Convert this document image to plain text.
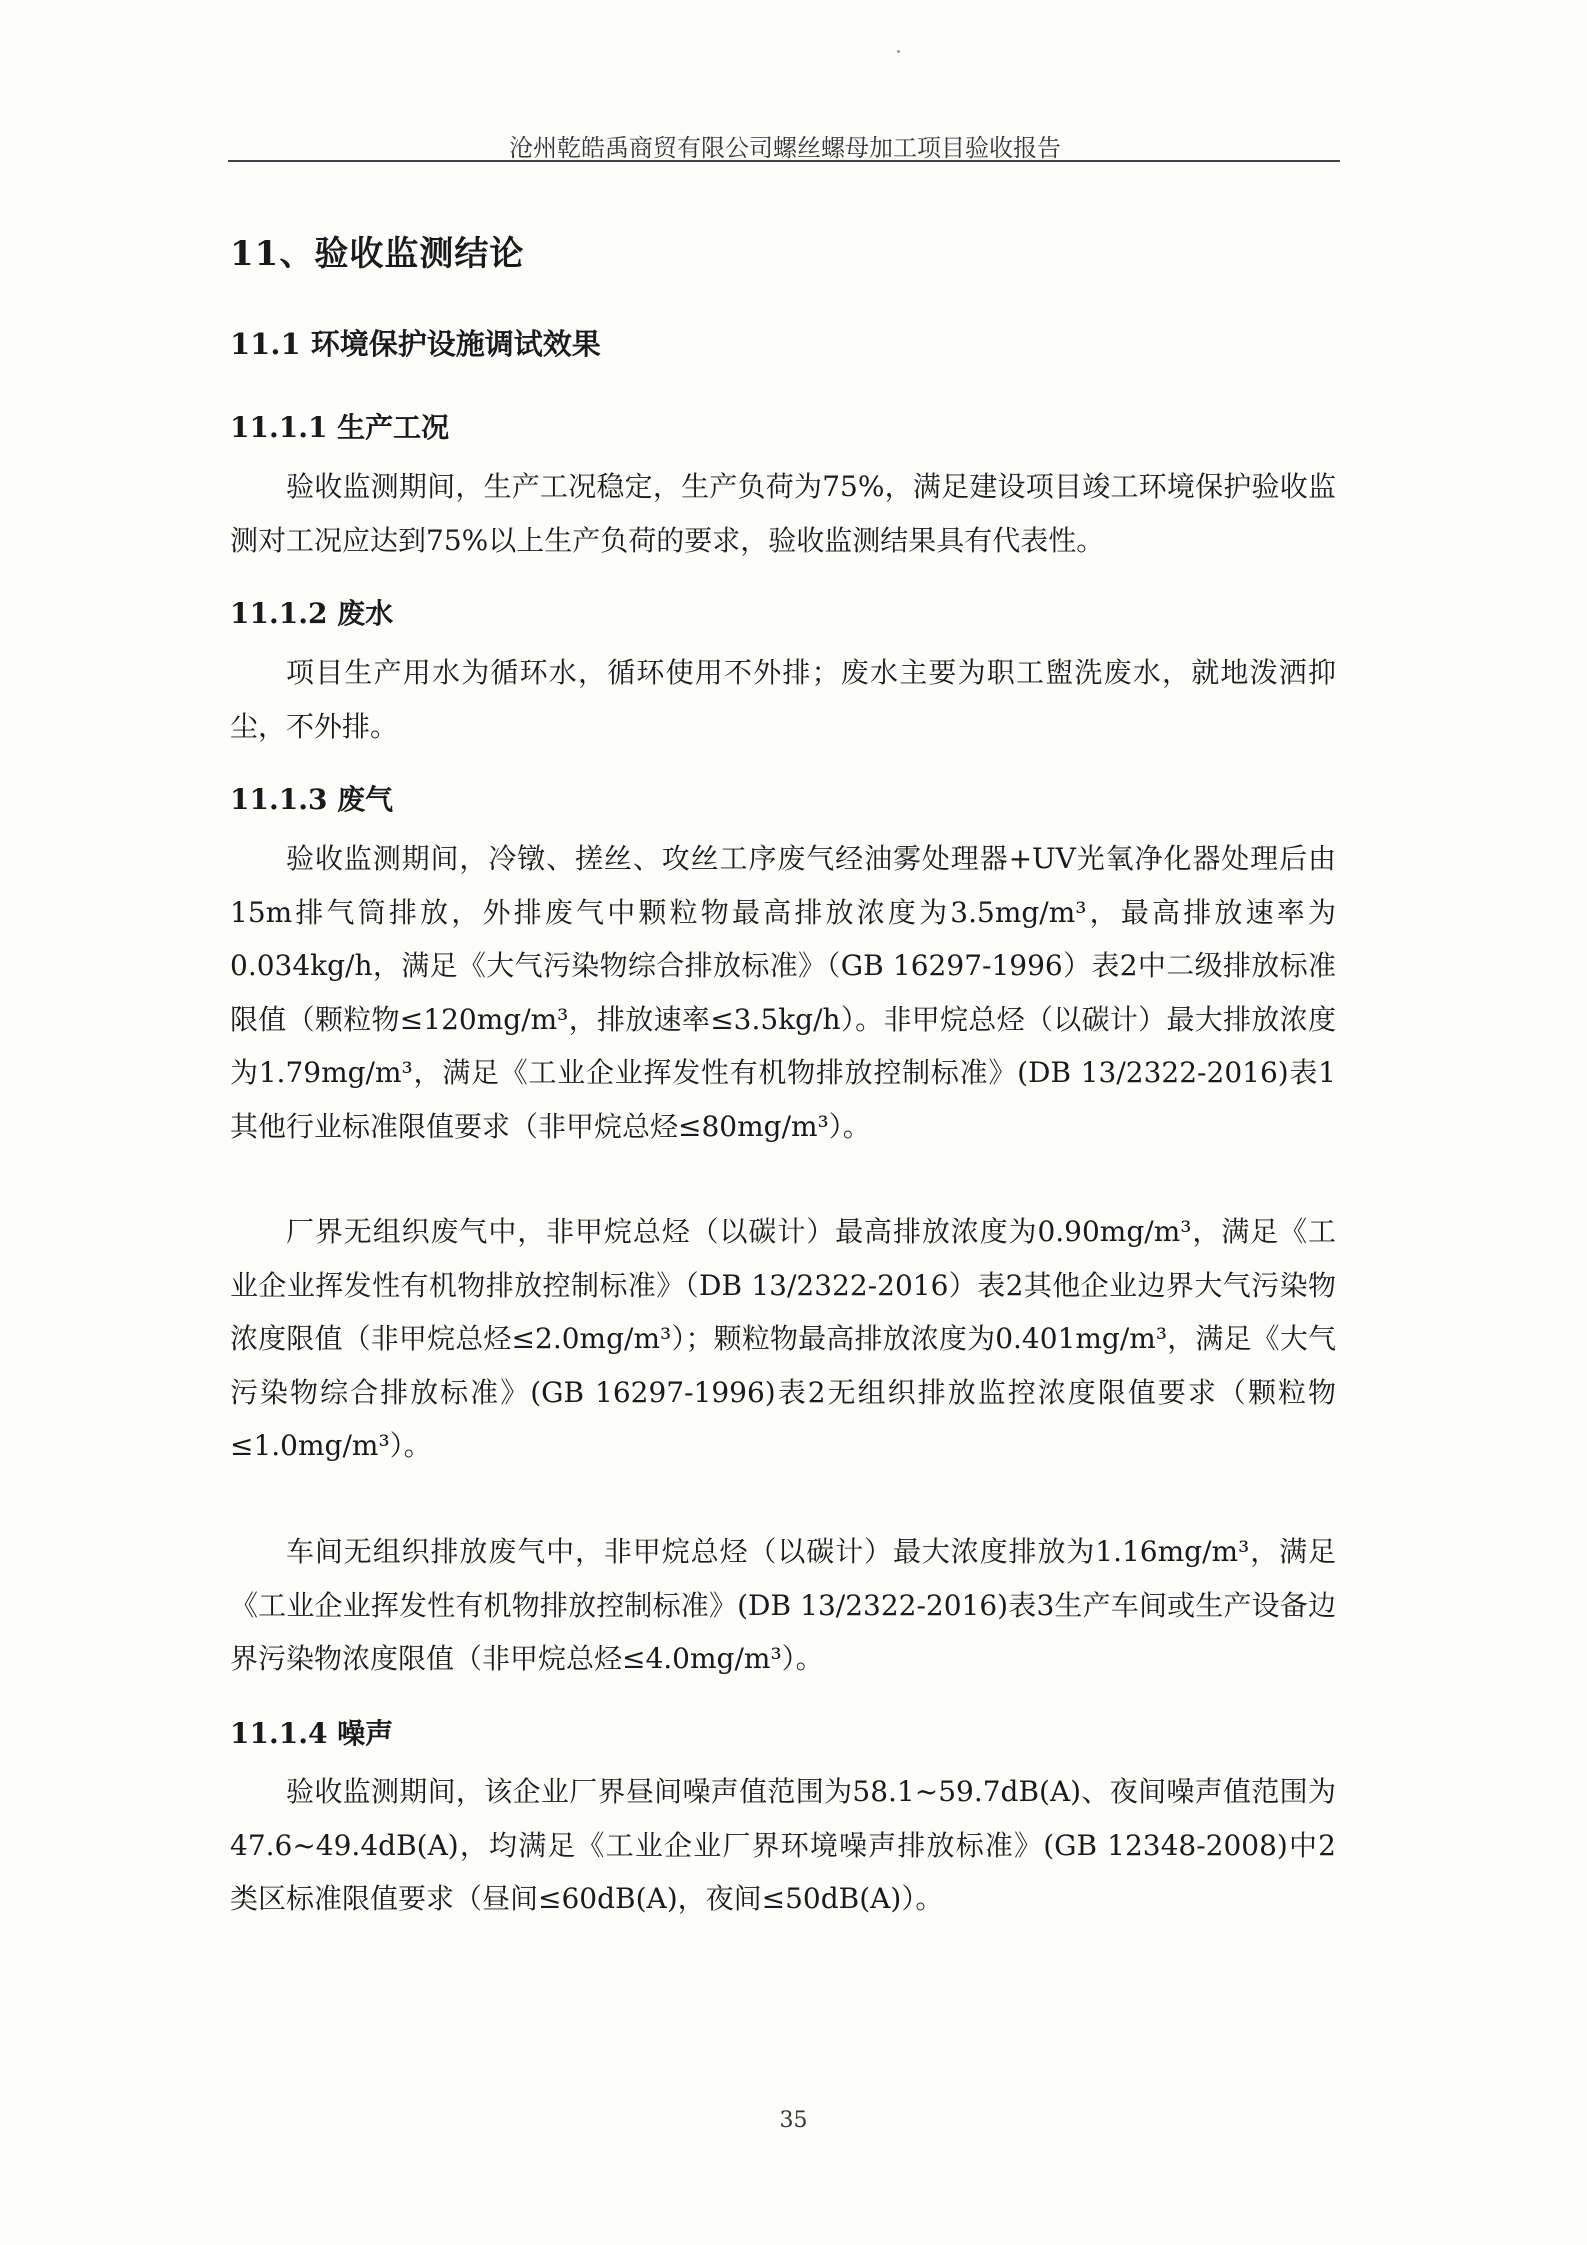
沧州乾皓禹商贸有限公司螺丝螺母加工项目验收报告
11、验收监测结论
11.1 环境保护设施调试效果
11.1.1 生产工况

验收监测期间，生产工况稳定，生产负荷为75%，满足建设项目竣工环境保护验收监测对工况应达到75%以上生产负荷的要求，验收监测结果具有代表性。

11.1.2 废水

项目生产用水为循环水，循环使用不外排；废水主要为职工盥洗废水，就地泼洒抑尘，不外排。

11.1.3 废气

验收监测期间，冷镦、搓丝、攻丝工序废气经油雾处理器+UV光氧净化器处理后由15m排气筒排放，外排废气中颗粒物最高排放浓度为3.5mg/m³，最高排放速率为0.034kg/h，满足《大气污染物综合排放标准》（GB 16297-1996）表2中二级排放标准限值（颗粒物≤120mg/m³，排放速率≤3.5kg/h）。非甲烷总烃（以碳计）最大排放浓度为1.79mg/m³，满足《工业企业挥发性有机物排放控制标准》(DB 13/2322-2016)表1其他行业标准限值要求（非甲烷总烃≤80mg/m³）。

厂界无组织废气中，非甲烷总烃（以碳计）最高排放浓度为0.90mg/m³，满足《工业企业挥发性有机物排放控制标准》（DB 13/2322-2016）表2其他企业边界大气污染物浓度限值（非甲烷总烃≤2.0mg/m³）；颗粒物最高排放浓度为0.401mg/m³，满足《大气污染物综合排放标准》(GB 16297-1996)表2无组织排放监控浓度限值要求（颗粒物≤1.0mg/m³）。

车间无组织排放废气中，非甲烷总烃（以碳计）最大浓度排放为1.16mg/m³，满足《工业企业挥发性有机物排放控制标准》(DB 13/2322-2016)表3生产车间或生产设备边界污染物浓度限值（非甲烷总烃≤4.0mg/m³）。

11.1.4 噪声

验收监测期间，该企业厂界昼间噪声值范围为58.1~59.7dB(A)、夜间噪声值范围为47.6~49.4dB(A)，均满足《工业企业厂界环境噪声排放标准》(GB 12348-2008)中2类区标准限值要求（昼间≤60dB(A)，夜间≤50dB(A)）。

35
